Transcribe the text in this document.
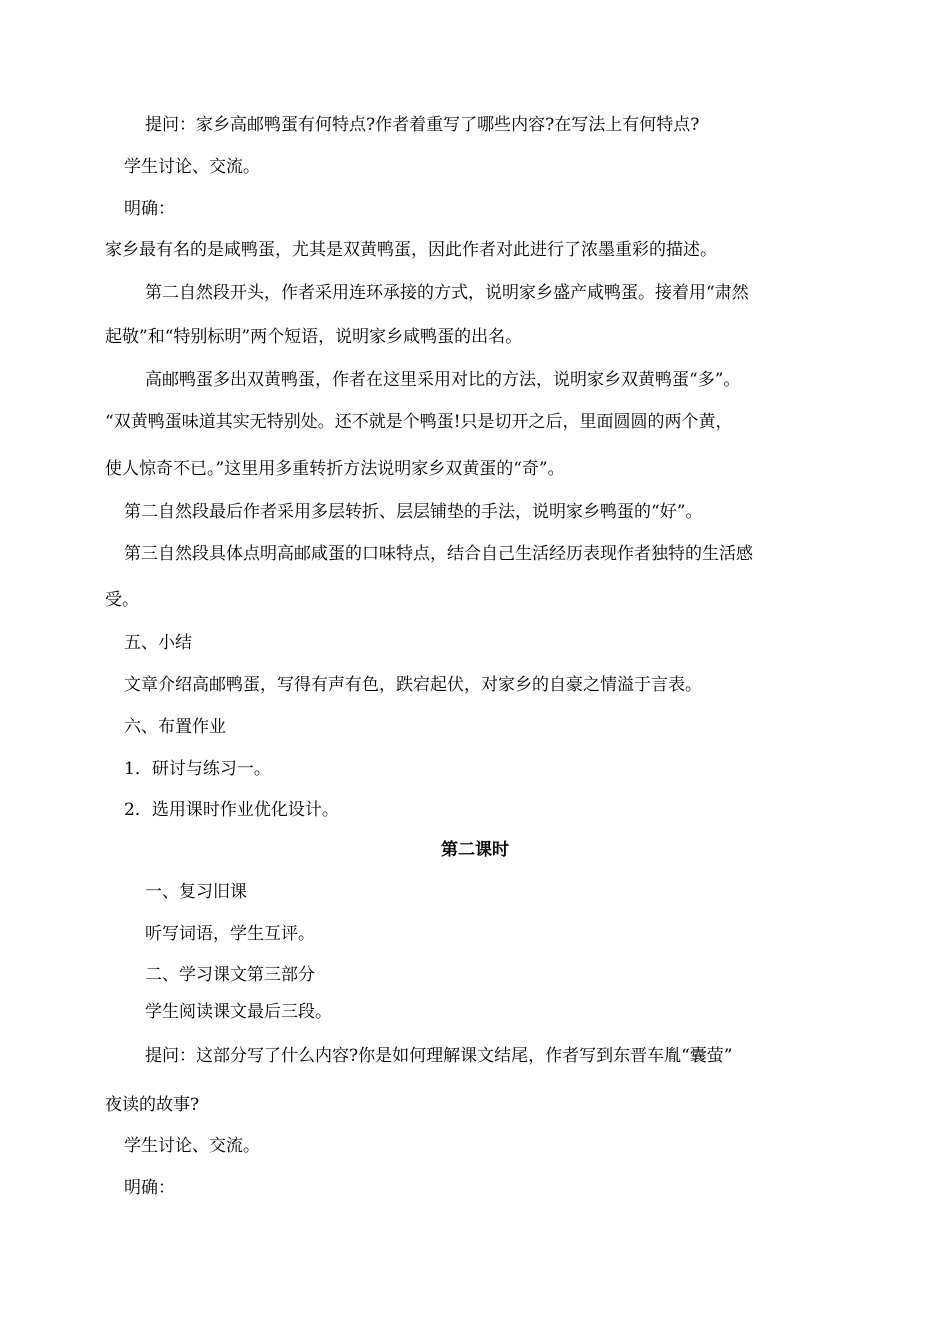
提问：家乡高邮鸭蛋有何特点?作者着重写了哪些内容?在写法上有何特点?
学生讨论、交流。
明确：
家乡最有名的是咸鸭蛋，尤其是双黄鸭蛋，因此作者对此进行了浓墨重彩的描述。
第二自然段开头，作者采用连环承接的方式，说明家乡盛产咸鸭蛋。接着用“肃然
起敬”和“特别标明”两个短语，说明家乡咸鸭蛋的出名。
高邮鸭蛋多出双黄鸭蛋，作者在这里采用对比的方法，说明家乡双黄鸭蛋“多”。
“双黄鸭蛋味道其实无特别处。还不就是个鸭蛋!只是切开之后，里面圆圆的两个黄，
使人惊奇不已。”这里用多重转折方法说明家乡双黄蛋的“奇”。
第二自然段最后作者采用多层转折、层层铺垫的手法，说明家乡鸭蛋的“好”。
第三自然段具体点明高邮咸蛋的口味特点，结合自己生活经历表现作者独特的生活感
受。
五、小结
文章介绍高邮鸭蛋，写得有声有色，跌宕起伏，对家乡的自豪之情溢于言表。
六、布置作业
1．研讨与练习一。
2．选用课时作业优化设计。
第二课时
一、复习旧课
听写词语，学生互评。
二、学习课文第三部分
学生阅读课文最后三段。
提问：这部分写了什么内容?你是如何理解课文结尾，作者写到东晋车胤“囊萤”
夜读的故事?
学生讨论、交流。
明确：
